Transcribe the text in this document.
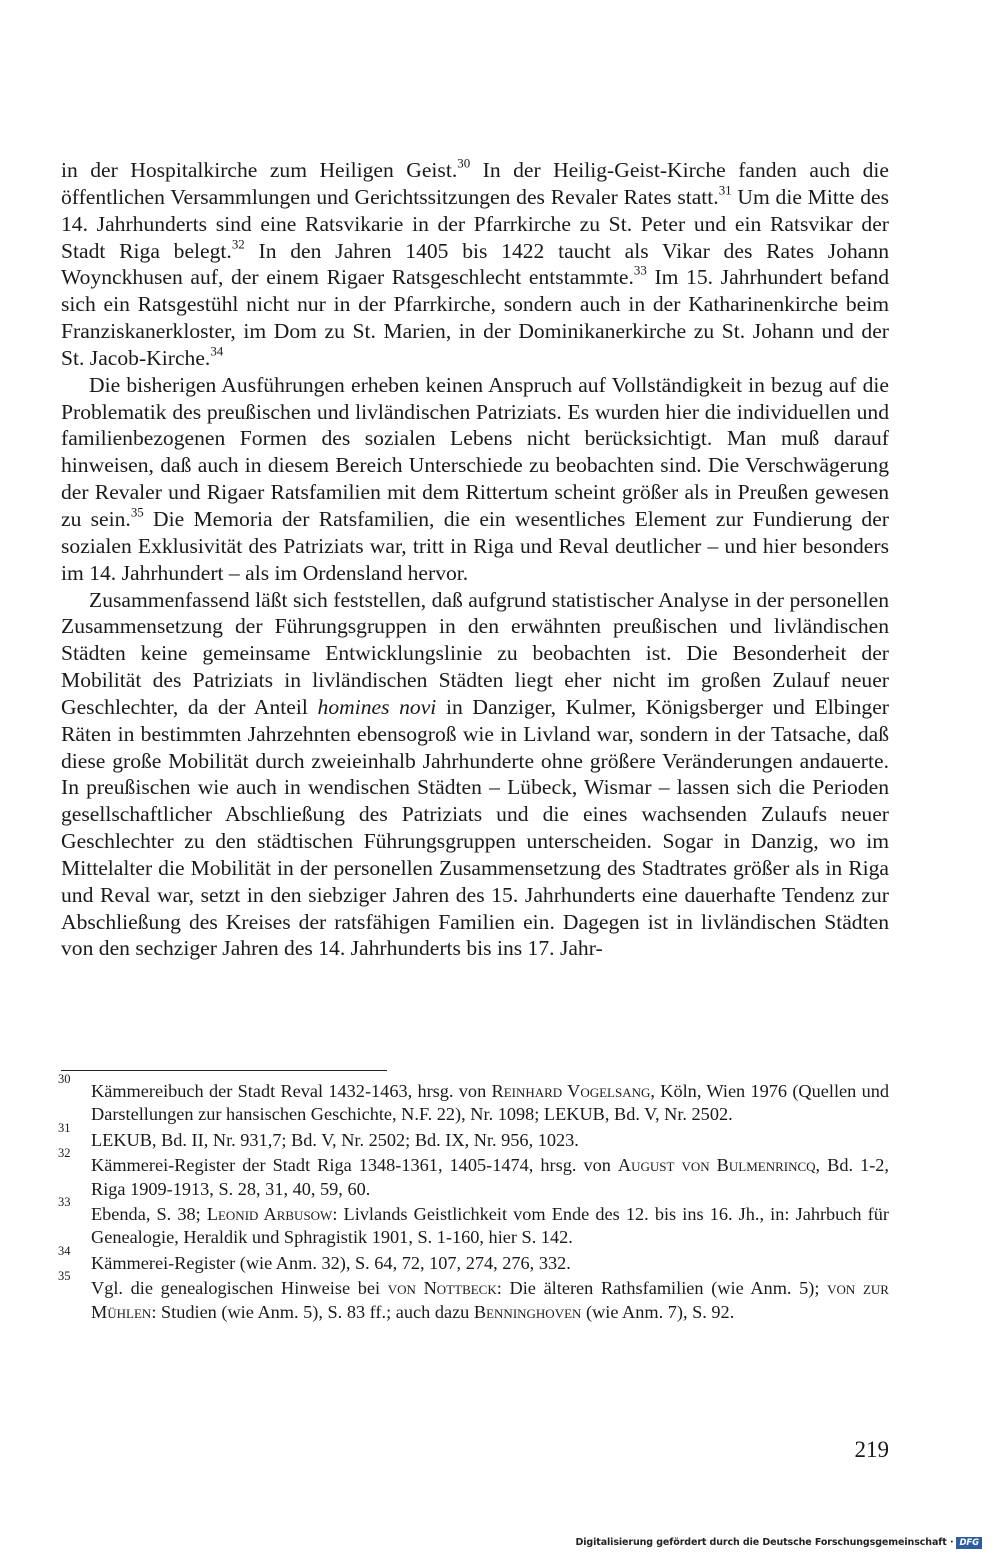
in der Hospitalkirche zum Heiligen Geist.$^{30}$ In der Heilig-Geist-Kirche fanden auch die öffentlichen Versammlungen und Gerichtssitzungen des Revaler Rates statt.$^{31}$ Um die Mitte des 14. Jahrhunderts sind eine Ratsvikarie in der Pfarrkirche zu St. Peter und ein Ratsvikar der Stadt Riga belegt.$^{32}$ In den Jahren 1405 bis 1422 taucht als Vikar des Rates Johann Woynckhusen auf, der einem Rigaer Ratsgeschlecht entstammte.$^{33}$ Im 15. Jahrhundert befand sich ein Ratsgestühl nicht nur in der Pfarrkirche, sondern auch in der Katharinenkirche beim Franziskanerkloster, im Dom zu St. Marien, in der Dominikanerkirche zu St. Johann und der St. Jacob-Kirche.$^{34}$

Die bisherigen Ausführungen erheben keinen Anspruch auf Vollständigkeit in bezug auf die Problematik des preußischen und livländischen Patriziats. Es wurden hier die individuellen und familienbezogenen Formen des sozialen Lebens nicht berücksichtigt. Man muß darauf hinweisen, daß auch in diesem Bereich Unterschiede zu beobachten sind. Die Verschwägerung der Revaler und Rigaer Ratsfamilien mit dem Rittertum scheint größer als in Preußen gewesen zu sein.$^{35}$ Die Memoria der Ratsfamilien, die ein wesentliches Element zur Fundierung der sozialen Exklusivität des Patriziats war, tritt in Riga und Reval deutlicher – und hier besonders im 14. Jahrhundert – als im Ordensland hervor.

Zusammenfassend läßt sich feststellen, daß aufgrund statistischer Analyse in der personellen Zusammensetzung der Führungsgruppen in den erwähnten preußischen und livländischen Städten keine gemeinsame Entwicklungslinie zu beobachten ist. Die Besonderheit der Mobilität des Patriziats in livländischen Städten liegt eher nicht im großen Zulauf neuer Geschlechter, da der Anteil homines novi in Danziger, Kulmer, Königsberger und Elbinger Räten in bestimmten Jahrzehnten ebensogroß wie in Livland war, sondern in der Tatsache, daß diese große Mobilität durch zweieinhalb Jahrhunderte ohne größere Veränderungen andauerte. In preußischen wie auch in wendischen Städten – Lübeck, Wismar – lassen sich die Perioden gesellschaftlicher Abschließung des Patriziats und die eines wachsenden Zulaufs neuer Geschlechter zu den städtischen Führungsgruppen unterscheiden. Sogar in Danzig, wo im Mittelalter die Mobilität in der personellen Zusammensetzung des Stadtrates größer als in Riga und Reval war, setzt in den siebziger Jahren des 15. Jahrhunderts eine dauerhafte Tendenz zur Abschließung des Kreises der ratsfähigen Familien ein. Dagegen ist in livländischen Städten von den sechziger Jahren des 14. Jahrhunderts bis ins 17. Jahr-

30
Kämmereibuch der Stadt Reval 1432-1463, hrsg. von Reinhard Vogelsang, Köln, Wien 1976 (Quellen und Darstellungen zur hansischen Geschichte, N.F. 22), Nr. 1098; LEKUB, Bd. V, Nr. 2502.
31
LEKUB, Bd. II, Nr. 931,7; Bd. V, Nr. 2502; Bd. IX, Nr. 956, 1023.
32
Kämmerei-Register der Stadt Riga 1348-1361, 1405-1474, hrsg. von August von Bulmenrincq, Bd. 1-2, Riga 1909-1913, S. 28, 31, 40, 59, 60.
33
Ebenda, S. 38; Leonid Arbusow: Livlands Geistlichkeit vom Ende des 12. bis ins 16. Jh., in: Jahrbuch für Genealogie, Heraldik und Sphragistik 1901, S. 1-160, hier S. 142.
34
Kämmerei-Register (wie Anm. 32), S. 64, 72, 107, 274, 276, 332.
35
Vgl. die genealogischen Hinweise bei von Nottbeck: Die älteren Rathsfamilien (wie Anm. 5); von zur Mühlen: Studien (wie Anm. 5), S. 83 ff.; auch dazu Benninghoven (wie Anm. 7), S. 92.
219
Digitalisierung gefördert durch die Deutsche Forschungsgemeinschaft · DFG
